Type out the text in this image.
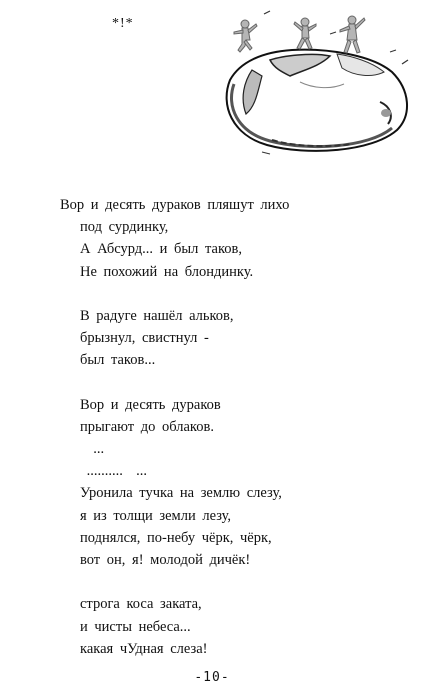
*!*
Вор и десять дураков пляшут лихо
под сурдинку,
А Абсурд... и был таков,
Не похожий на блондинку.
В радуге нашёл альков,
брызнул, свистнул -
был таков...
Вор и десять дураков
прыгают до облаков.
...
..........  ...
Уронила тучка на землю слезу,
я из толщи земли лезу,
поднялся, по-небу чёрк, чёрк,
вот он, я! молодой дичёк!
строга коса заката,
и чисты небеса...
какая чУдная слеза!
-10-
